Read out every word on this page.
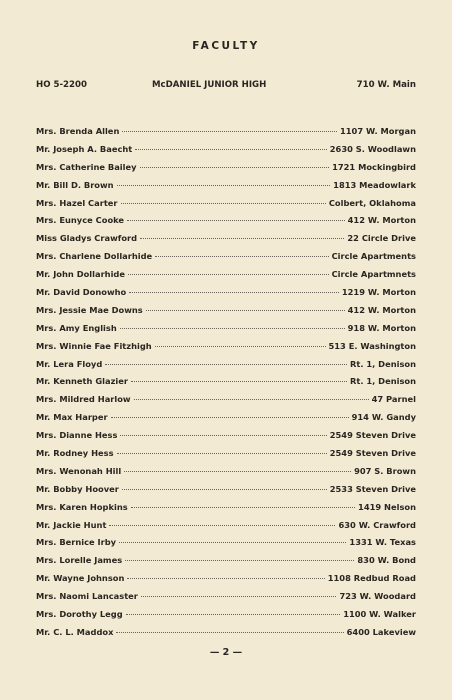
FACULTY
HO 5-2200	McDANIEL JUNIOR HIGH	710 W. Main
Mrs. Brenda Allen	1107 W. Morgan
Mr. Joseph A. Baecht	2630 S. Woodlawn
Mrs. Catherine Bailey	1721 Mockingbird
Mr. Bill D. Brown	1813 Meadowlark
Mrs. Hazel Carter	Colbert, Oklahoma
Mrs. Eunyce Cooke	412 W. Morton
Miss Gladys Crawford	22 Circle Drive
Mrs. Charlene Dollarhide	Circle Apartments
Mr. John Dollarhide	Circle Apartmnets
Mr. David Donowho	1219 W. Morton
Mrs. Jessie Mae Downs	412 W. Morton
Mrs. Amy English	918 W. Morton
Mrs. Winnie Fae Fitzhigh	513 E. Washington
Mr. Lera Floyd	Rt. 1, Denison
Mr. Kenneth Glazier	Rt. 1, Denison
Mrs. Mildred Harlow	47 Parnel
Mr. Max Harper	914 W. Gandy
Mrs. Dianne Hess	2549 Steven Drive
Mr. Rodney Hess	2549 Steven Drive
Mrs. Wenonah Hill	907 S. Brown
Mr. Bobby Hoover	2533 Steven Drive
Mrs. Karen Hopkins	1419 Nelson
Mr. Jackie Hunt	630 W. Crawford
Mrs. Bernice Irby	1331 W. Texas
Mrs. Lorelle James	830 W. Bond
Mr. Wayne Johnson	1108 Redbud Road
Mrs. Naomi Lancaster	723 W. Woodard
Mrs. Dorothy Legg	1100 W. Walker
Mr. C. L. Maddox	6400 Lakeview
— 2 —
